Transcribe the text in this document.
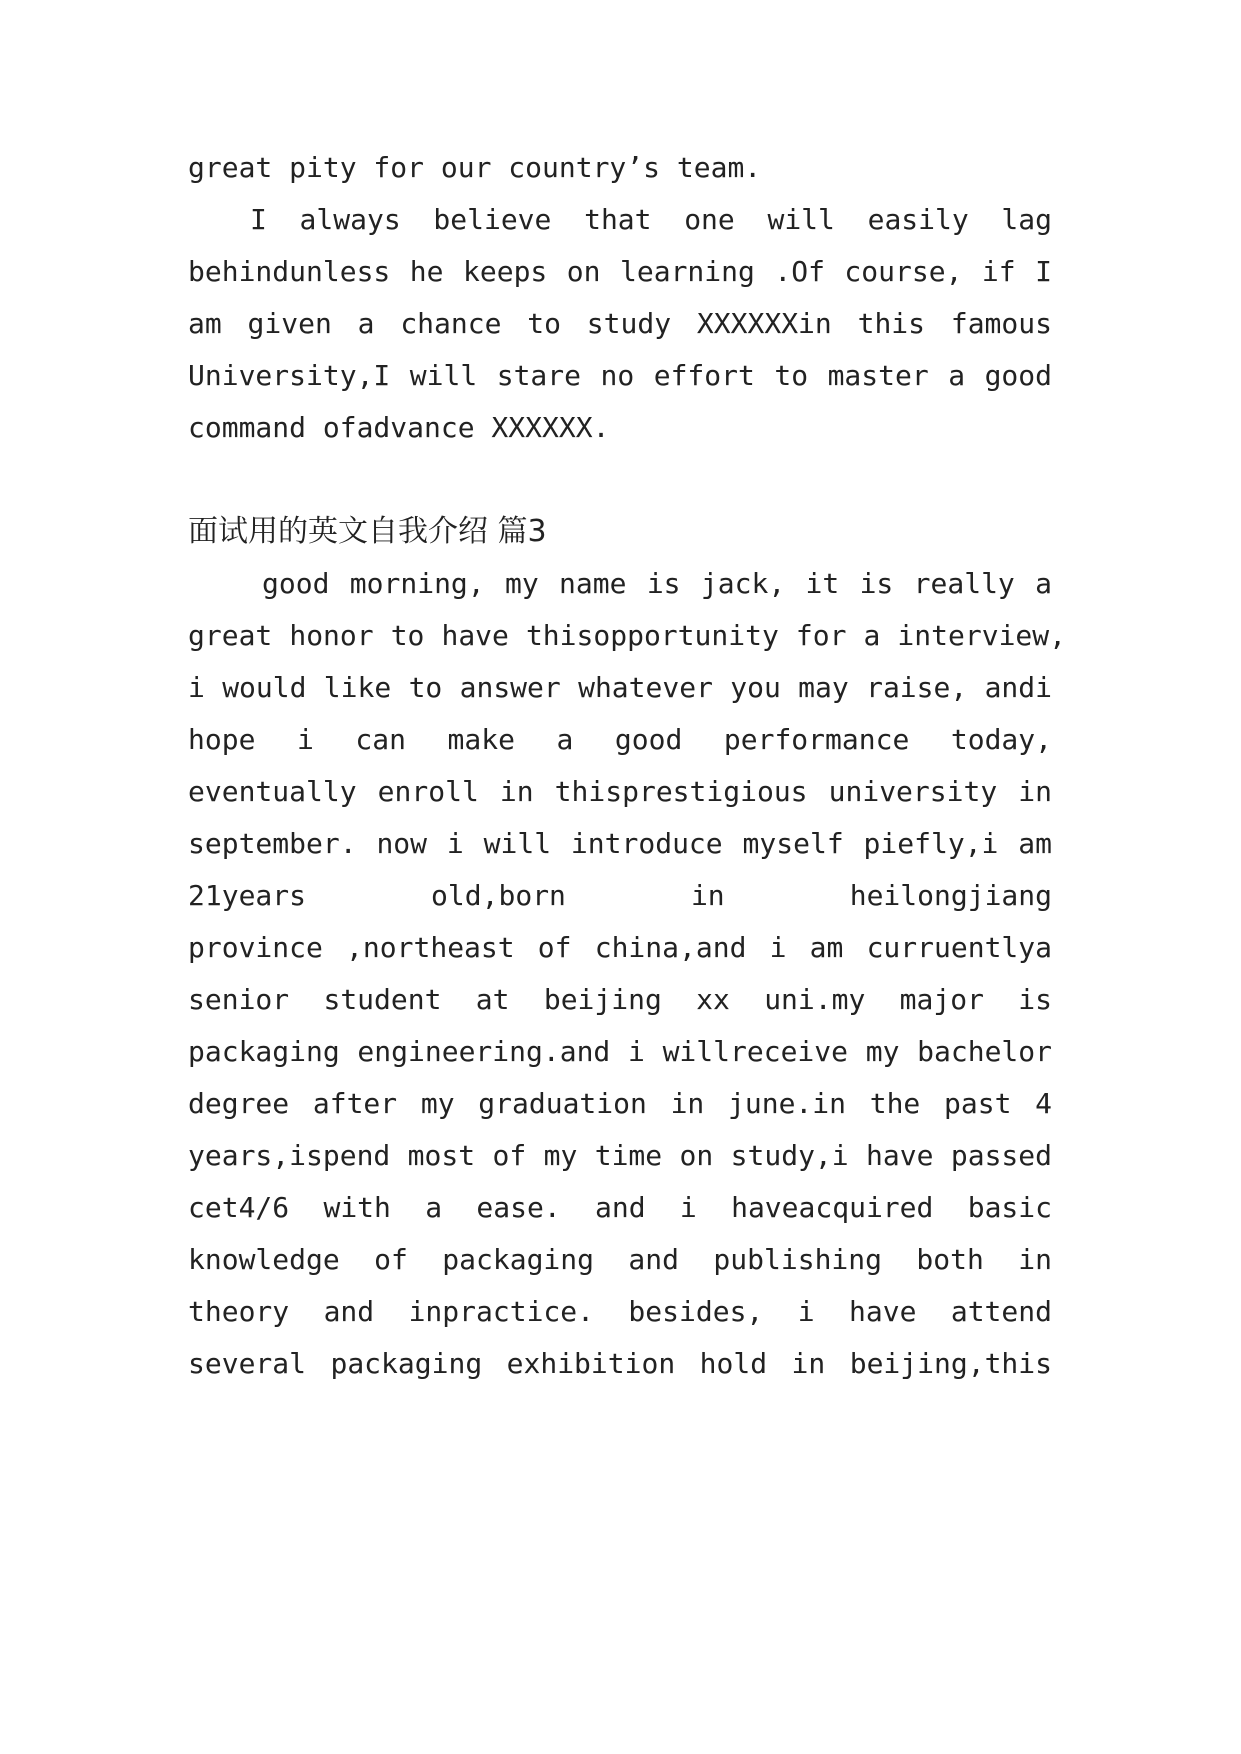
great pity for our country’s team.
I always believe that one will easily lag
behindunless he keeps on learning .Of course, if I
am given a chance to study XXXXXXin this famous
University,I will stare no effort to master a good
command ofadvance XXXXXX.
面试用的英文自我介绍 篇3
good morning, my name is jack, it is really a
great honor to have thisopportunity for a interview,
i would like to answer whatever you may raise, andi
hope i can make a good performance today,
eventually enroll in thisprestigious university in
september. now i will introduce myself piefly,i am
21years old,born in heilongjiang
province ,northeast of china,and i am curruentlya
senior student at beijing xx uni.my major is
packaging engineering.and i willreceive my bachelor
degree after my graduation in june.in the past 4
years,ispend most of my time on study,i have passed
cet4/6 with a ease. and i haveacquired basic
knowledge of packaging and publishing both in
theory and inpractice. besides, i have attend
several packaging exhibition hold in beijing,this
